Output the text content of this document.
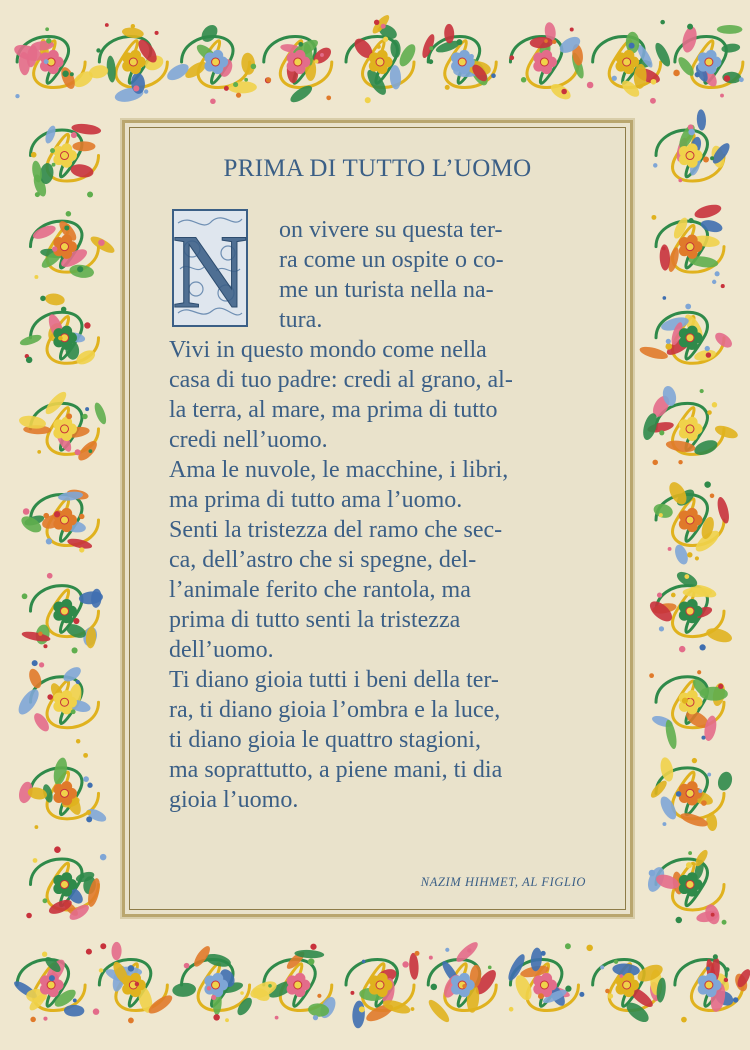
PRIMA DI TUTTO L’UOMO
N on vivere su questa ter-
ra come un ospite o co-
me un turista nella na-
tura.
Vivi in questo mondo come nella
casa di tuo padre: credi al grano, al-
la terra, al mare, ma prima di tutto
credi nell’uomo.
Ama le nuvole, le macchine, i libri,
ma prima di tutto ama l’uomo.
Senti la tristezza del ramo che sec-
ca, dell’astro che si spegne, del-
l’animale ferito che rantola, ma
prima di tutto senti la tristezza
dell’uomo.
Ti diano gioia tutti i beni della ter-
ra, ti diano gioia l’ombra e la luce,
ti diano gioia le quattro stagioni,
ma soprattutto, a piene mani, ti dia
gioia l’uomo.
NAZIM HIHMET, AL FIGLIO
